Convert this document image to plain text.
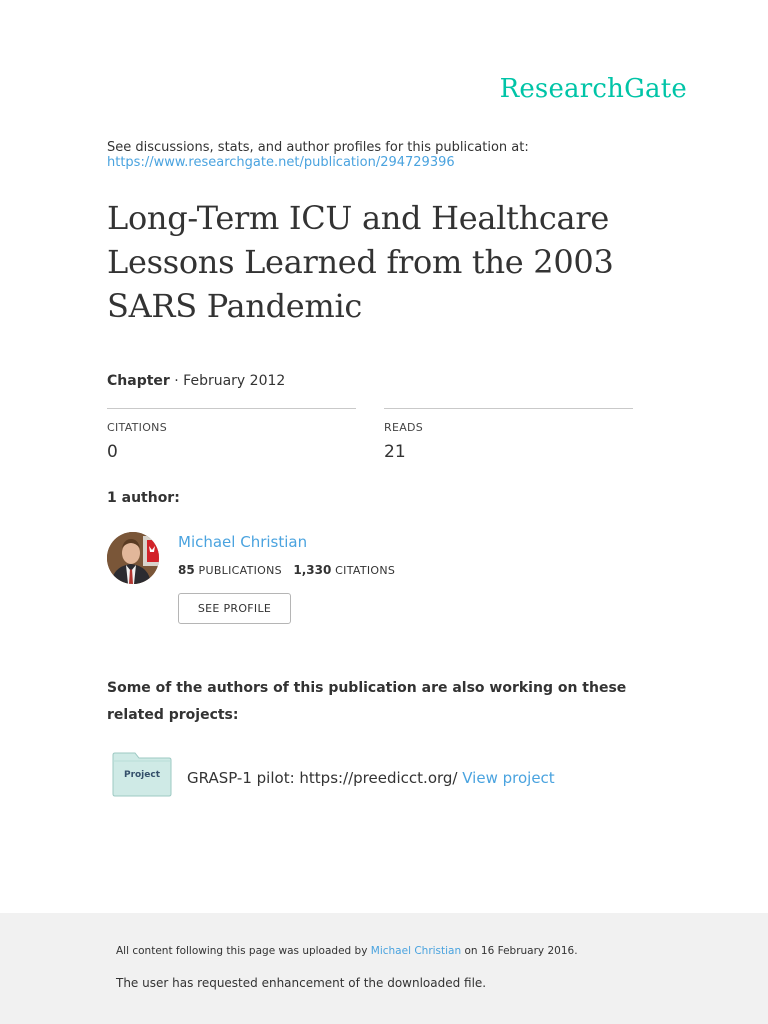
ResearchGate
See discussions, stats, and author profiles for this publication at:
https://www.researchgate.net/publication/294729396
Long-Term ICU and Healthcare Lessons Learned from the 2003 SARS Pandemic
Chapter · February 2012
CITATIONS
0
READS
21
1 author:
Michael Christian
85 PUBLICATIONS 1,330 CITATIONS
SEE PROFILE
Some of the authors of this publication are also working on these related projects:
Project	GRASP-1 pilot: https://preedicct.org/ View project
All content following this page was uploaded by Michael Christian on 16 February 2016.
The user has requested enhancement of the downloaded file.
